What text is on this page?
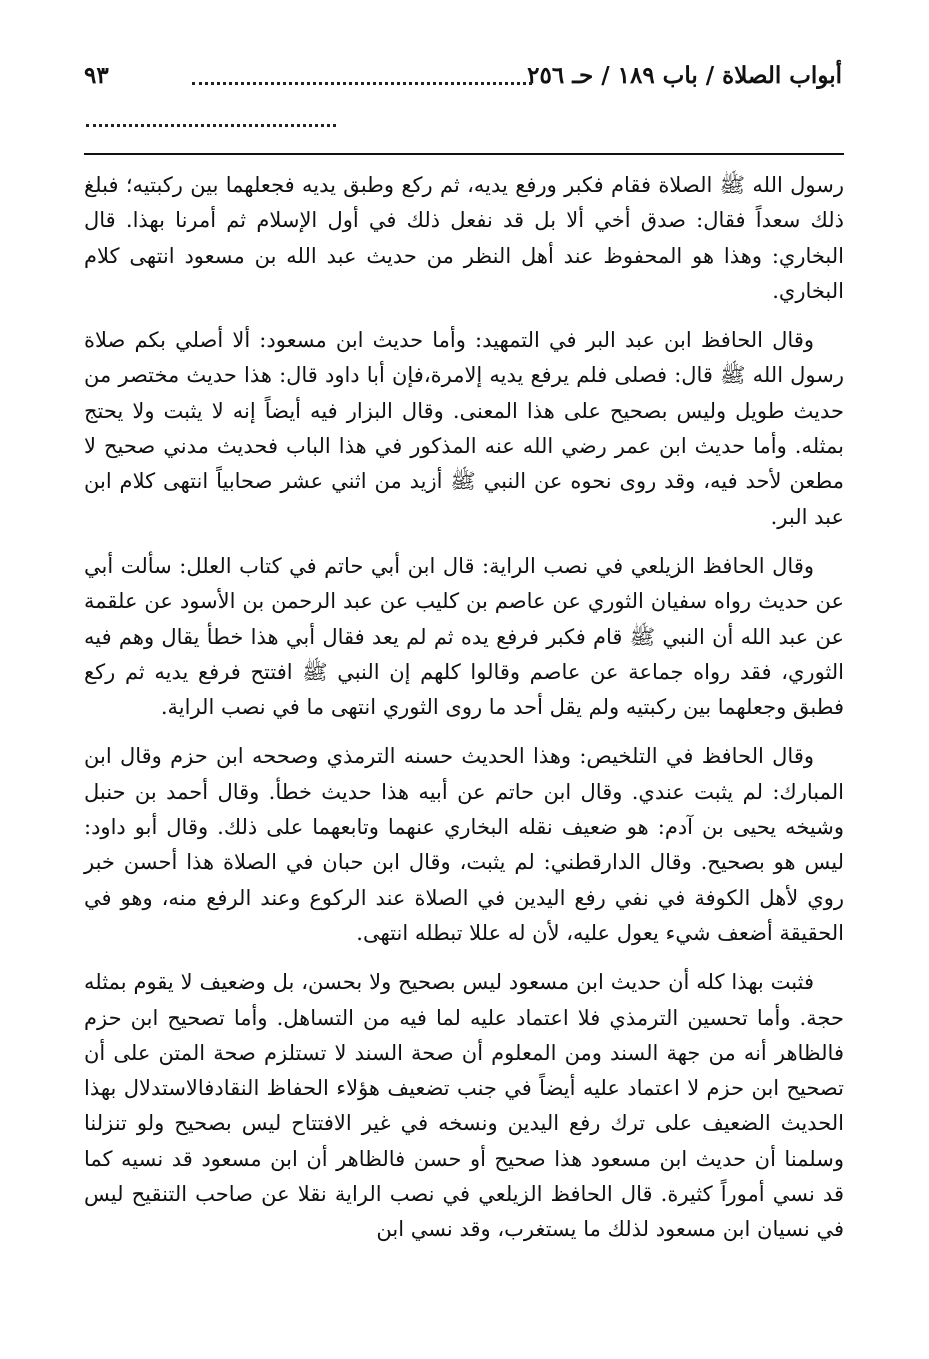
أبواب الصلاة / باب ١٨٩ / حـ ٢٥٦
٩٣

رسول الله ﷺ الصلاة فقام فكبر ورفع يديه، ثم ركع وطبق يديه فجعلهما بين ركبتيه؛ فبلغ ذلك سعداً فقال: صدق أخي ألا بل قد نفعل ذلك في أول الإسلام ثم أمرنا بهذا. قال البخاري: وهذا هو المحفوظ عند أهل النظر من حديث عبد الله بن مسعود انتهى كلام البخاري.

وقال الحافظ ابن عبد البر في التمهيد: وأما حديث ابن مسعود: ألا أصلي بكم صلاة رسول الله ﷺ قال: فصلى فلم يرفع يديه إلامرة،فإن أبا داود قال: هذا حديث مختصر من حديث طويل وليس بصحيح على هذا المعنى. وقال البزار فيه أيضاً إنه لا يثبت ولا يحتج بمثله. وأما حديث ابن عمر رضي الله عنه المذكور في هذا الباب فحديث مدني صحيح لا مطعن لأحد فيه، وقد روى نحوه عن النبي ﷺ أزيد من اثني عشر صحابياً انتهى كلام ابن عبد البر.

وقال الحافظ الزيلعي في نصب الراية: قال ابن أبي حاتم في كتاب العلل: سألت أبي عن حديث رواه سفيان الثوري عن عاصم بن كليب عن عبد الرحمن بن الأسود عن علقمة عن عبد الله أن النبي ﷺ قام فكبر فرفع يده ثم لم يعد فقال أبي هذا خطأ يقال وهم فيه الثوري، فقد رواه جماعة عن عاصم وقالوا كلهم إن النبي ﷺ افتتح فرفع يديه ثم ركع فطبق وجعلهما بين ركبتيه ولم يقل أحد ما روى الثوري انتهى ما في نصب الراية.

وقال الحافظ في التلخيص: وهذا الحديث حسنه الترمذي وصححه ابن حزم وقال ابن المبارك: لم يثبت عندي. وقال ابن حاتم عن أبيه هذا حديث خطأ. وقال أحمد بن حنبل وشيخه يحيى بن آدم: هو ضعيف نقله البخاري عنهما وتابعهما على ذلك. وقال أبو داود: ليس هو بصحيح. وقال الدارقطني: لم يثبت، وقال ابن حبان في الصلاة هذا أحسن خبر روي لأهل الكوفة في نفي رفع اليدين في الصلاة عند الركوع وعند الرفع منه، وهو في الحقيقة أضعف شيء يعول عليه، لأن له عللا تبطله انتهى.

فثبت بهذا كله أن حديث ابن مسعود ليس بصحيح ولا بحسن، بل وضعيف لا يقوم بمثله حجة. وأما تحسين الترمذي فلا اعتماد عليه لما فيه من التساهل. وأما تصحيح ابن حزم فالظاهر أنه من جهة السند ومن المعلوم أن صحة السند لا تستلزم صحة المتن على أن تصحيح ابن حزم لا اعتماد عليه أيضاً في جنب تضعيف هؤلاء الحفاظ النقادفالاستدلال بهذا الحديث الضعيف على ترك رفع اليدين ونسخه في غير الافتتاح ليس بصحيح ولو تنزلنا وسلمنا أن حديث ابن مسعود هذا صحيح أو حسن فالظاهر أن ابن مسعود قد نسيه كما قد نسي أموراً كثيرة. قال الحافظ الزيلعي في نصب الراية نقلا عن صاحب التنقيح ليس في نسيان ابن مسعود لذلك ما يستغرب، وقد نسي ابن
